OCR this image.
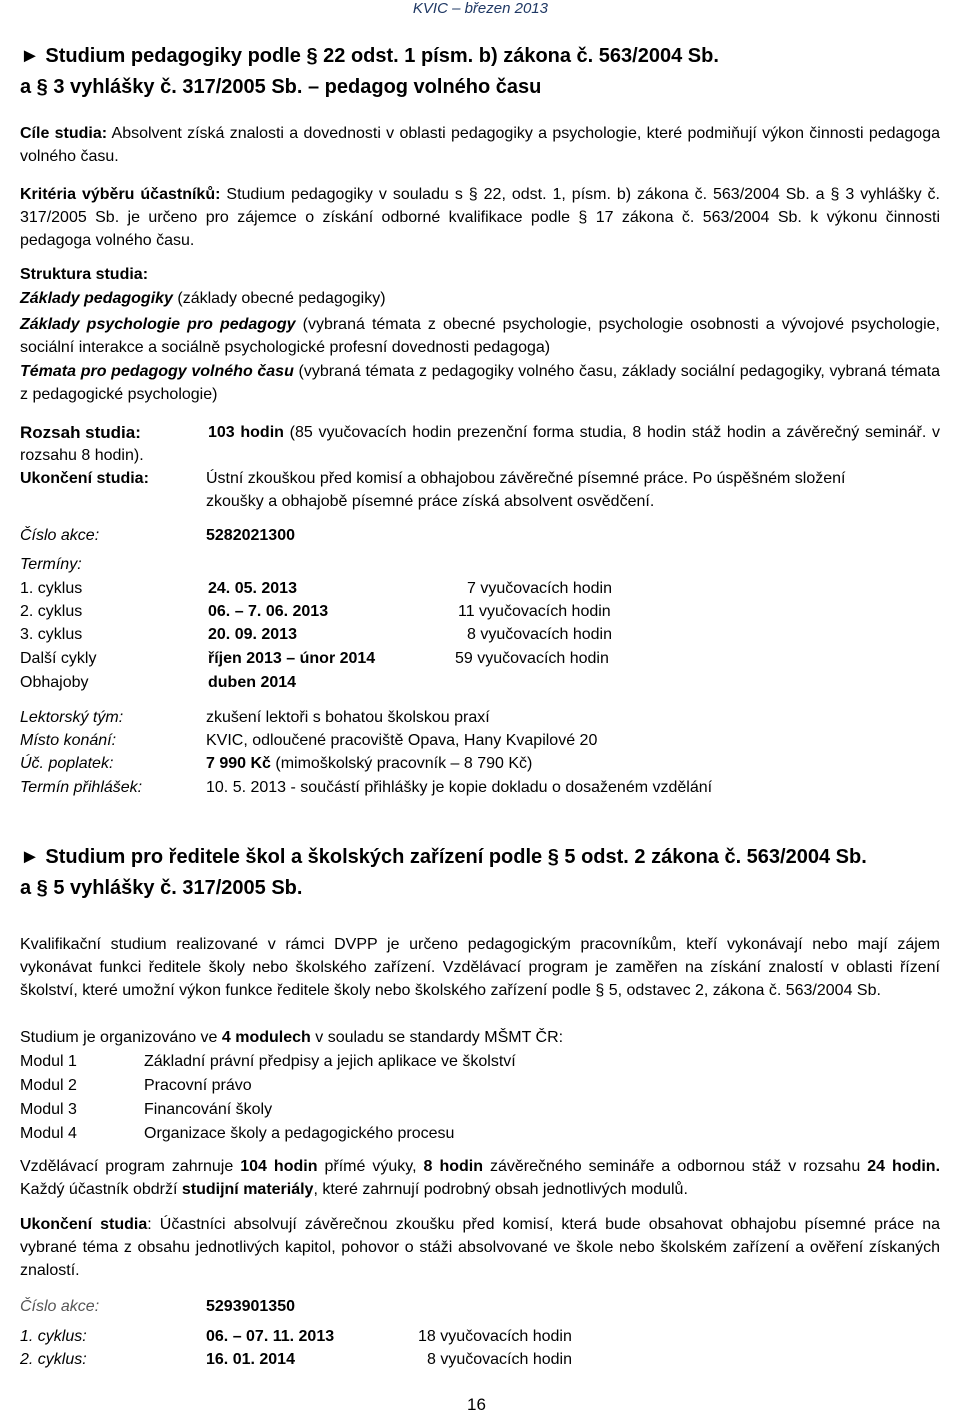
KVIC – březen 2013
► Studium pedagogiky podle § 22 odst. 1 písm. b) zákona č. 563/2004 Sb.
a § 3 vyhlášky č. 317/2005 Sb. – pedagog volného času
Cíle studia: Absolvent získá znalosti a dovednosti v oblasti pedagogiky a psychologie, které podmiňují výkon činnosti pedagoga volného času.
Kritéria výběru účastníků: Studium pedagogiky v souladu s § 22, odst. 1, písm. b) zákona č. 563/2004 Sb. a § 3 vyhlášky č. 317/2005 Sb. je určeno pro zájemce o získání odborné kvalifikace podle § 17 zákona č. 563/2004 Sb. k výkonu činnosti pedagoga volného času.
Struktura studia:
Základy pedagogiky (základy obecné pedagogiky)
Základy psychologie pro pedagogy (vybraná témata z obecné psychologie, psychologie osobnosti a vývojové psychologie, sociální interakce a sociálně psychologické profesní dovednosti pedagoga)
Témata pro pedagogy volného času (vybraná témata z pedagogiky volného času, základy sociální pedagogiky, vybraná témata z pedagogické psychologie)
Rozsah studia:	103 hodin (85 vyučovacích hodin prezenční forma studia, 8 hodin stáž hodin a závěrečný seminář. v rozsahu 8 hodin).
Ukončení studia:	Ústní zkouškou před komisí a obhajobou závěrečné písemné práce. Po úspěšném složení
zkoušky a obhajobě písemné práce získá absolvent osvědčení.
Číslo akce:	5282021300
Termíny:
1. cyklus	24. 05. 2013	7 vyučovacích hodin
2. cyklus	06. – 7. 06. 2013	11 vyučovacích hodin
3. cyklus	20. 09. 2013	8 vyučovacích hodin
Další cykly	říjen 2013 – únor 2014	59 vyučovacích hodin
Obhajoby	duben 2014
Lektorský tým:	zkušení lektoři s bohatou školskou praxí
Místo konání:	KVIC, odloučené pracoviště Opava, Hany Kvapilové 20
Úč. poplatek:	7 990 Kč (mimoškolský pracovník – 8 790 Kč)
Termín přihlášek:	10. 5. 2013 - součástí přihlášky je kopie dokladu o dosaženém vzdělání
► Studium pro ředitele škol a školských zařízení podle § 5 odst. 2 zákona č. 563/2004 Sb.
a § 5 vyhlášky č. 317/2005 Sb.
Kvalifikační studium realizované v rámci DVPP je určeno pedagogickým pracovníkům, kteří vykonávají nebo mají zájem vykonávat funkci ředitele školy nebo školského zařízení. Vzdělávací program je zaměřen na získání znalostí v oblasti řízení školství, které umožní výkon funkce ředitele školy nebo školského zařízení podle § 5, odstavec 2, zákona č. 563/2004 Sb.
Studium je organizováno ve 4 modulech v souladu se standardy MŠMT ČR:
Modul 1	Základní právní předpisy a jejich aplikace ve školství
Modul 2	Pracovní právo
Modul 3	Financování školy
Modul 4	Organizace školy a pedagogického procesu
Vzdělávací program zahrnuje 104 hodin přímé výuky, 8 hodin závěrečného semináře a odbornou stáž v rozsahu 24 hodin. Každý účastník obdrží studijní materiály, které zahrnují podrobný obsah jednotlivých modulů.
Ukončení studia: Účastníci absolvují závěrečnou zkoušku před komisí, která bude obsahovat obhajobu písemné práce na vybrané téma z obsahu jednotlivých kapitol, pohovor o stáži absolvované ve škole nebo školském zařízení a ověření získaných znalostí.
Číslo akce:	5293901350
1. cyklus:	06. – 07. 11. 2013	18 vyučovacích hodin
2. cyklus:	16. 01. 2014	8 vyučovacích hodin
16
